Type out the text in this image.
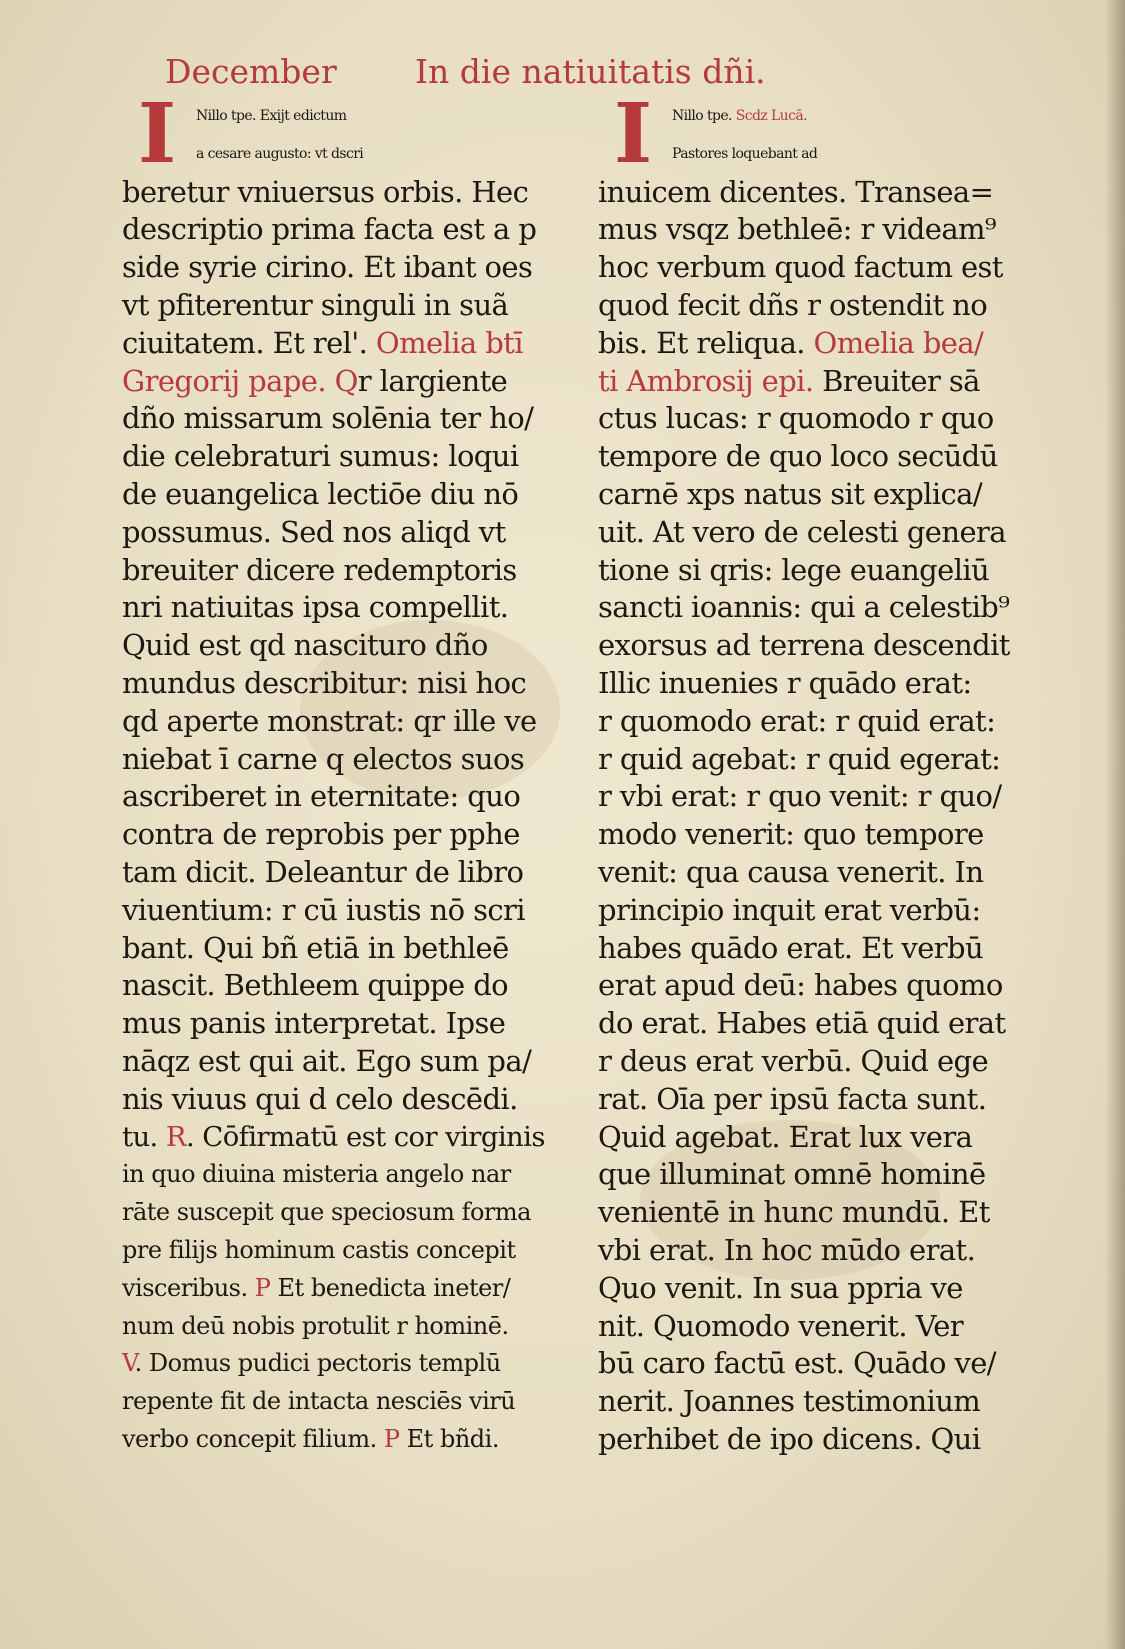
December In die natiuitatis dñi.
I	Nillo tpe. Exijt edictum
a cesare augusto: vt dscri
beretur vniuersus orbis. Hec
descriptio prima facta est a p
side syrie cirino. Et ibant oes
vt pfiterentur singuli in suã
ciuitatem. Et rel'. Omelia btī
Gregorij pape. Qr largiente
dño missarum solēnia ter ho/
die celebraturi sumus: loqui
de euangelica lectiōe diu nō
possumus. Sed nos aliqd vt
breuiter dicere redemptoris
nri natiuitas ipsa compellit.
Quid est qd nascituro dño
mundus describitur: nisi hoc
qd aperte monstrat: qr ille ve
niebat ī carne q electos suos
ascriberet in eternitate: quo
contra de reprobis per pphe
tam dicit. Deleantur de libro
viuentium: r cū iustis nō scri
bant. Qui bñ etiā in bethleē
nascit. Bethleem quippe do
mus panis interpretat. Ipse
nāqz est qui ait. Ego sum pa/
nis viuus qui d celo descēdi.
tu. R. Cōfirmatū est cor virginis
in quo diuina misteria angelo nar
rāte suscepit que speciosum forma
pre filijs hominum castis concepit
visceribus. P Et benedicta ineter/
num deū nobis protulit r hominē.
V. Domus pudici pectoris templū
repente fit de intacta nesciēs virū
verbo concepit filium. P Et bñdi.
I	Nillo tpe. Scdz Lucā.
Pastores loquebant ad
inuicem dicentes. Transea=
mus vsqz bethleē: r videam⁹
hoc verbum quod factum est
quod fecit dñs r ostendit no
bis. Et reliqua. Omelia bea/
ti Ambrosij epi. Breuiter sā
ctus lucas: r quomodo r quo
tempore de quo loco secūdū
carnē xps natus sit explica/
uit. At vero de celesti genera
tione si qris: lege euangeliū
sancti ioannis: qui a celestib⁹
exorsus ad terrena descendit
Illic inuenies r quādo erat:
r quomodo erat: r quid erat:
r quid agebat: r quid egerat:
r vbi erat: r quo venit: r quo/
modo venerit: quo tempore
venit: qua causa venerit. In
principio inquit erat verbū:
habes quādo erat. Et verbū
erat apud deū: habes quomo
do erat. Habes etiā quid erat
r deus erat verbū. Quid ege
rat. Oīa per ipsū facta sunt.
Quid agebat. Erat lux vera
que illuminat omnē hominē
venientē in hunc mundū. Et
vbi erat. In hoc mūdo erat.
Quo venit. In sua ppria ve
nit. Quomodo venerit. Ver
bū caro factū est. Quādo ve/
nerit. Joannes testimonium
perhibet de ipo dicens. Qui
